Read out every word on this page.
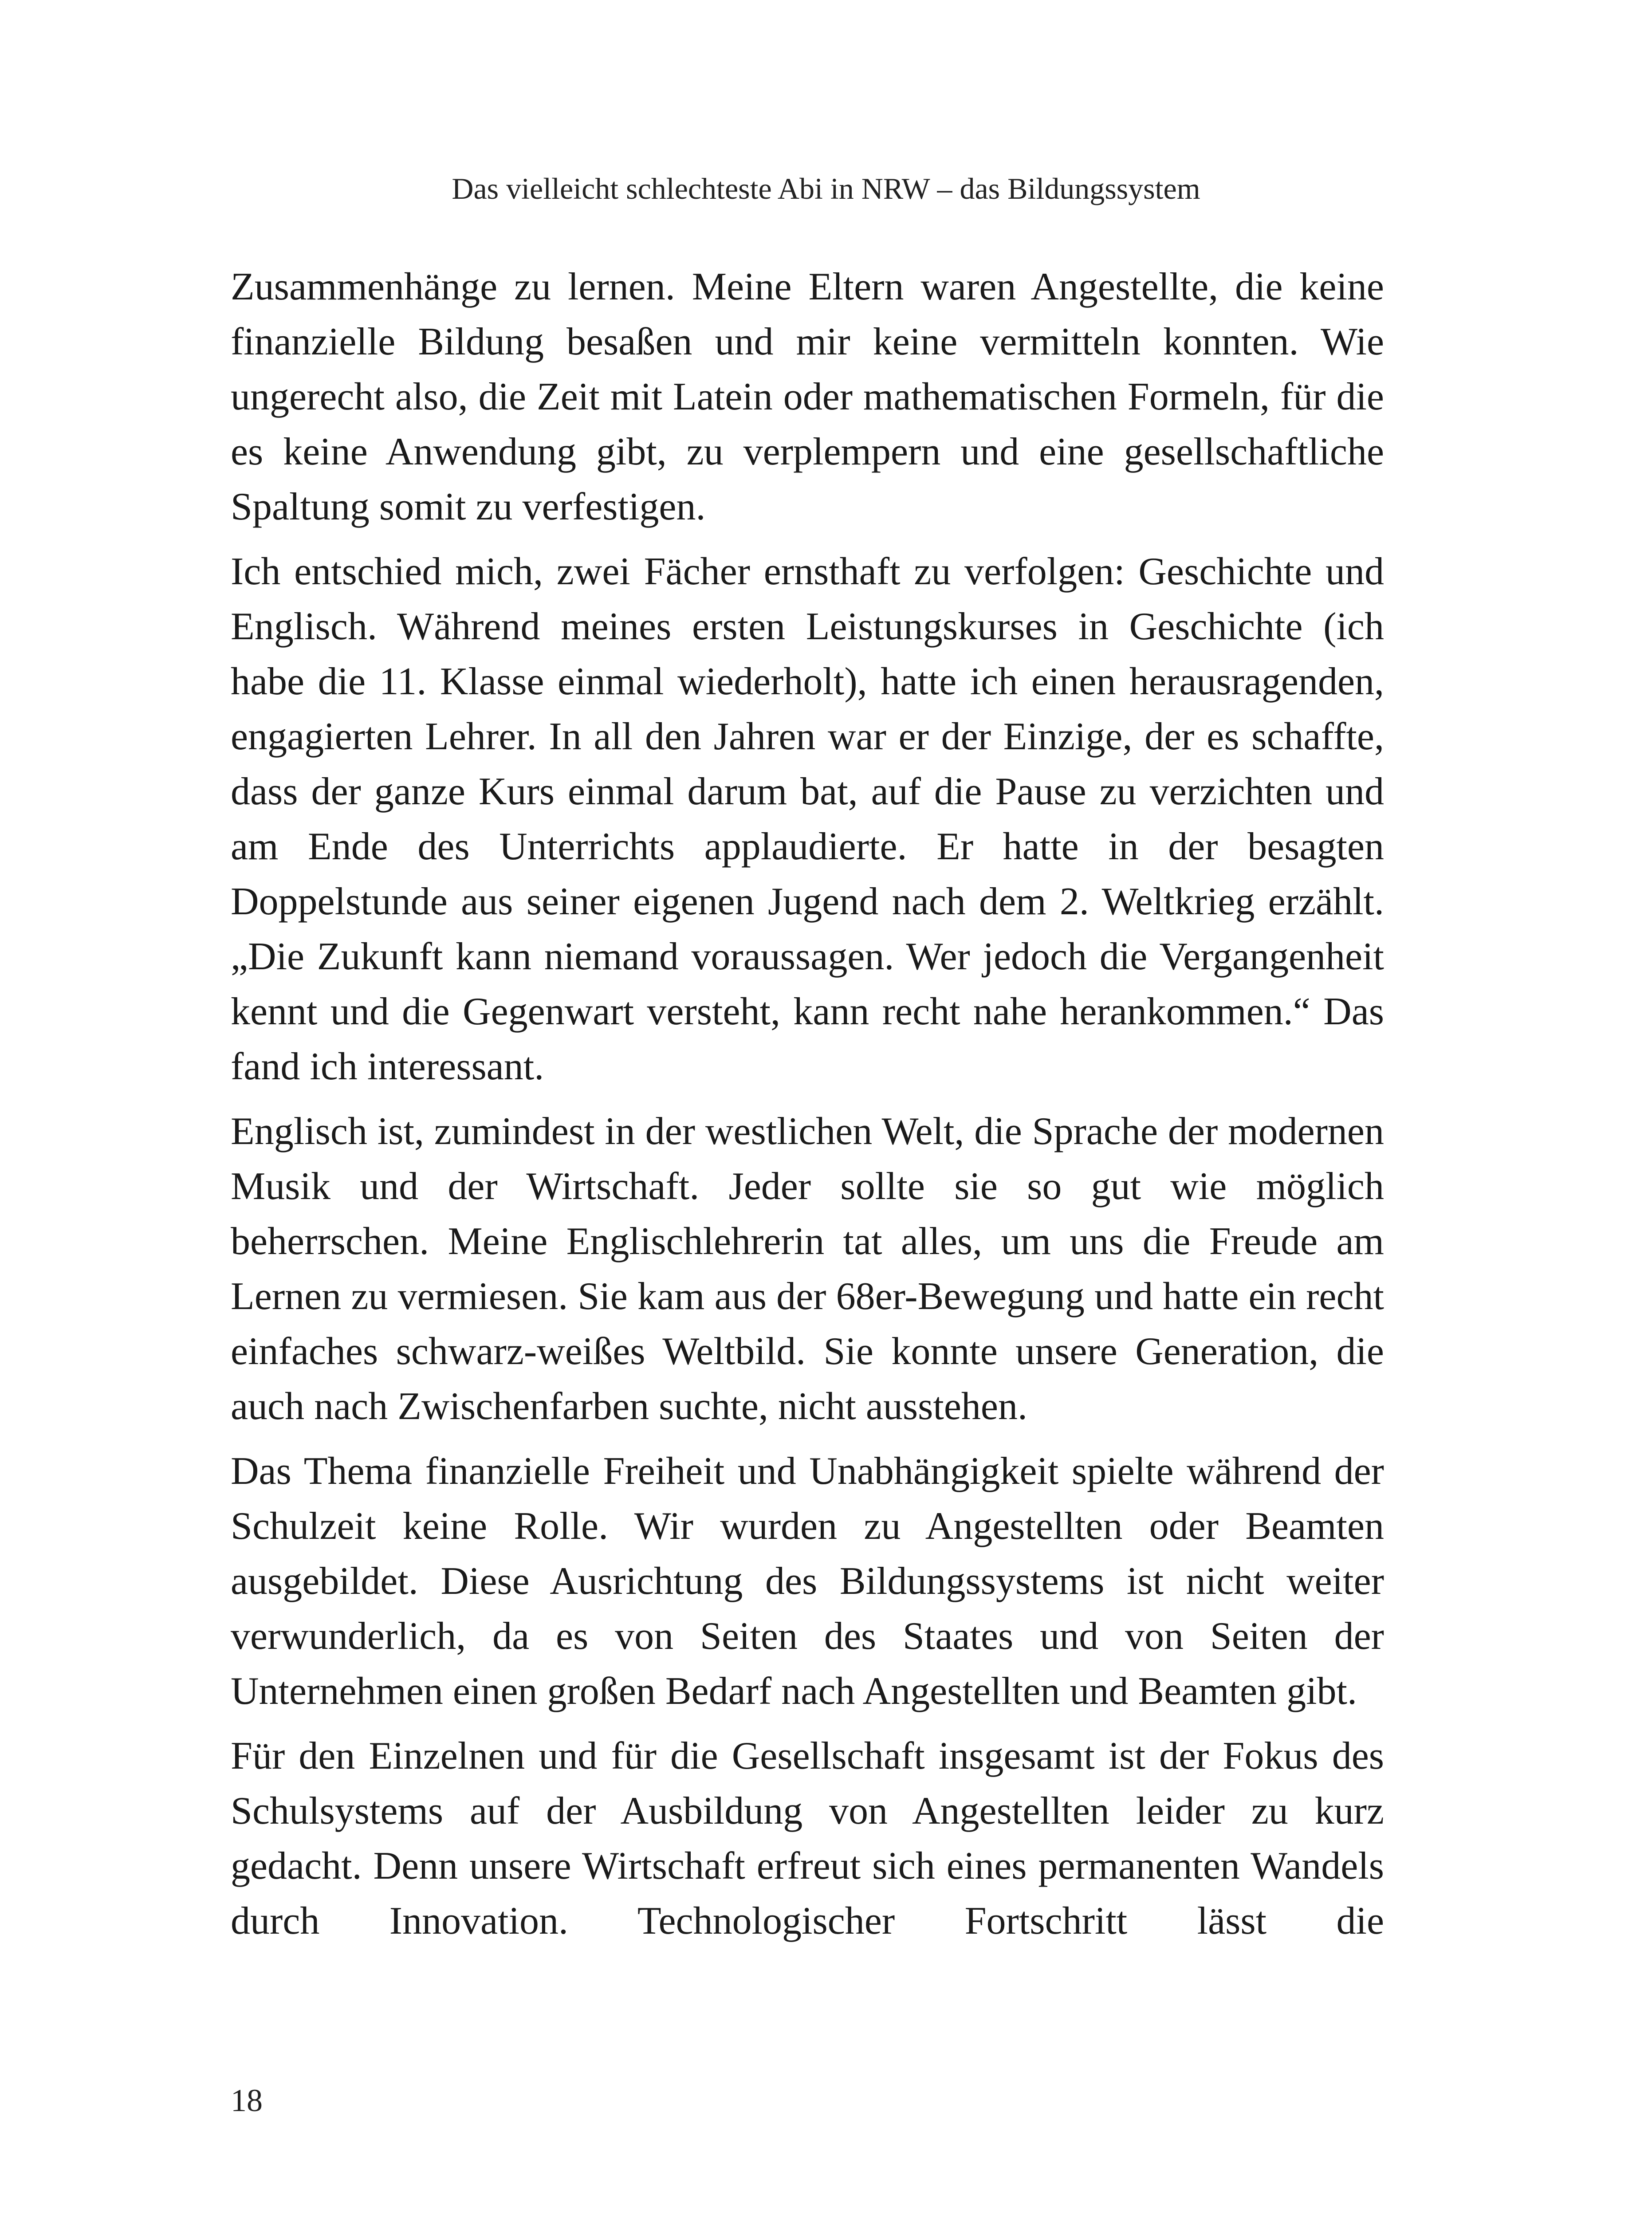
Das vielleicht schlechteste Abi in NRW – das Bildungssystem

Zusammenhänge zu lernen. Meine Eltern waren Angestellte, die keine finanzielle Bildung besaßen und mir keine vermitteln konnten. Wie ungerecht also, die Zeit mit Latein oder mathematischen Formeln, für die es keine Anwendung gibt, zu verplempern und eine gesellschaftliche Spaltung somit zu verfestigen.

Ich entschied mich, zwei Fächer ernsthaft zu verfolgen: Geschichte und Englisch. Während meines ersten Leistungskurses in Geschichte (ich habe die 11. Klasse einmal wiederholt), hatte ich einen herausragenden, engagierten Lehrer. In all den Jahren war er der Einzige, der es schaffte, dass der ganze Kurs einmal darum bat, auf die Pause zu verzichten und am Ende des Unterrichts applaudierte. Er hatte in der besagten Doppelstunde aus seiner eigenen Jugend nach dem 2. Weltkrieg erzählt. „Die Zukunft kann niemand voraussagen. Wer jedoch die Vergangenheit kennt und die Gegenwart versteht, kann recht nahe herankommen.“ Das fand ich interessant.

Englisch ist, zumindest in der westlichen Welt, die Sprache der modernen Musik und der Wirtschaft. Jeder sollte sie so gut wie möglich beherrschen. Meine Englischlehrerin tat alles, um uns die Freude am Lernen zu vermiesen. Sie kam aus der 68er-Bewegung und hatte ein recht einfaches schwarz-weißes Weltbild. Sie konnte unsere Generation, die auch nach Zwischenfarben suchte, nicht ausstehen.

Das Thema finanzielle Freiheit und Unabhängigkeit spielte während der Schulzeit keine Rolle. Wir wurden zu Angestellten oder Beamten ausgebildet. Diese Ausrichtung des Bildungssystems ist nicht weiter verwunderlich, da es von Seiten des Staates und von Seiten der Unternehmen einen großen Bedarf nach Angestellten und Beamten gibt.

Für den Einzelnen und für die Gesellschaft insgesamt ist der Fokus des Schulsystems auf der Ausbildung von Angestellten leider zu kurz gedacht. Denn unsere Wirtschaft erfreut sich eines permanenten Wandels durch Innovation. Technologischer Fortschritt lässt die

18
